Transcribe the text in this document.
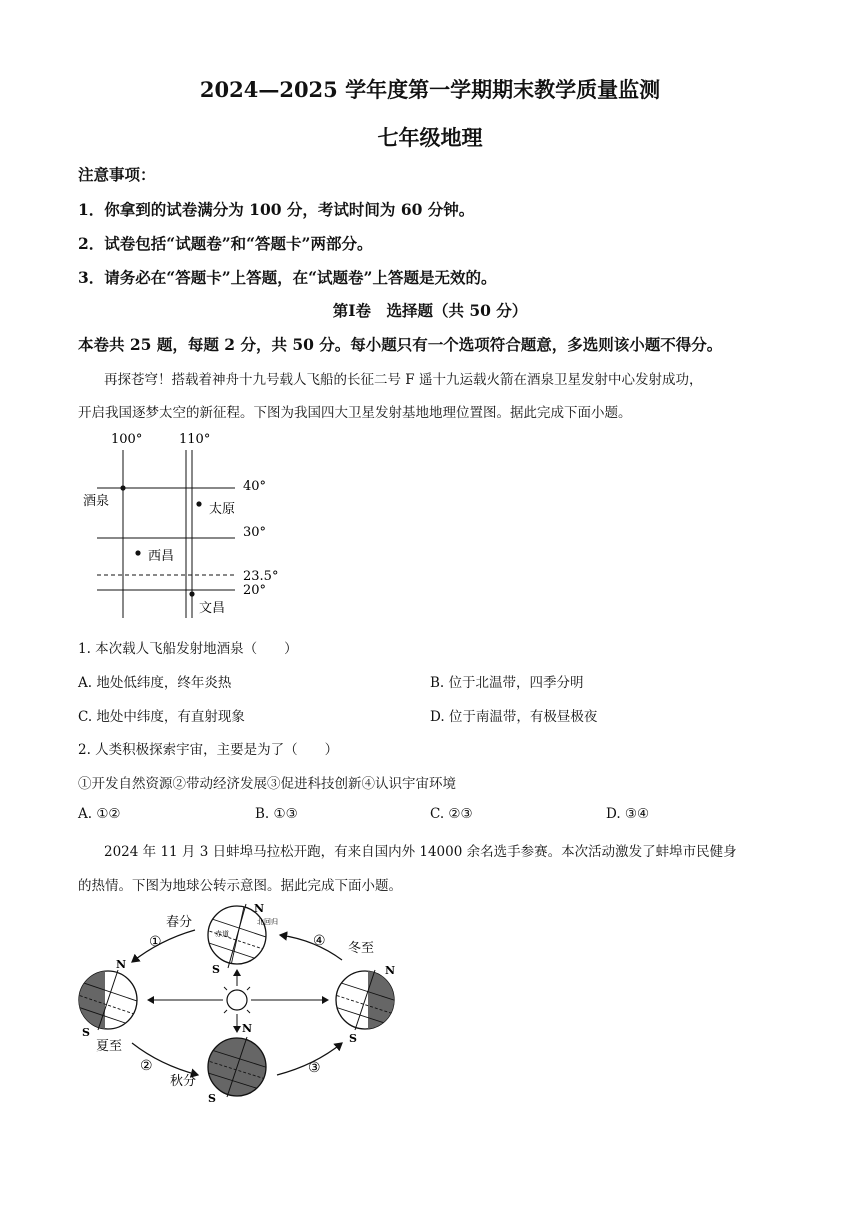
2024—2025 学年度第一学期期末教学质量监测
七年级地理
注意事项：
1．你拿到的试卷满分为 100 分，考试时间为 60 分钟。
2．试卷包括“试题卷”和“答题卡”两部分。
3．请务必在“答题卡”上答题，在“试题卷”上答题是无效的。
第Ⅰ卷　选择题（共 50 分）
本卷共 25 题，每题 2 分，共 50 分。每小题只有一个选项符合题意，多选则该小题不得分。
再探苍穹！搭载着神舟十九号载人飞船的长征二号 F 遥十九运载火箭在酒泉卫星发射中心发射成功，
开启我国逐梦太空的新征程。下图为我国四大卫星发射基地地理位置图。据此完成下面小题。
100°	110°
40°
30°
23.5°
20°
酒泉
太原
西昌
文昌
1. 本次载人飞船发射地酒泉（　　）
A. 地处低纬度，终年炎热	B. 位于北温带，四季分明
C. 地处中纬度，有直射现象	D. 位于南温带，有极昼极夜
2. 人类积极探索宇宙，主要是为了（　　）
①开发自然资源②带动经济发展③促进科技创新④认识宇宙环境
A. ①②	B. ①③	C. ②③	D. ③④
2024 年 11 月 3 日蚌埠马拉松开跑，有来自国内外 14000 余名选手参赛。本次活动激发了蚌埠市民健身
的热情。下图为地球公转示意图。据此完成下面小题。
北回归
赤道
N
S
N
S	N
S
N
S
春分
夏至
秋分
冬至
①
②	③
④
